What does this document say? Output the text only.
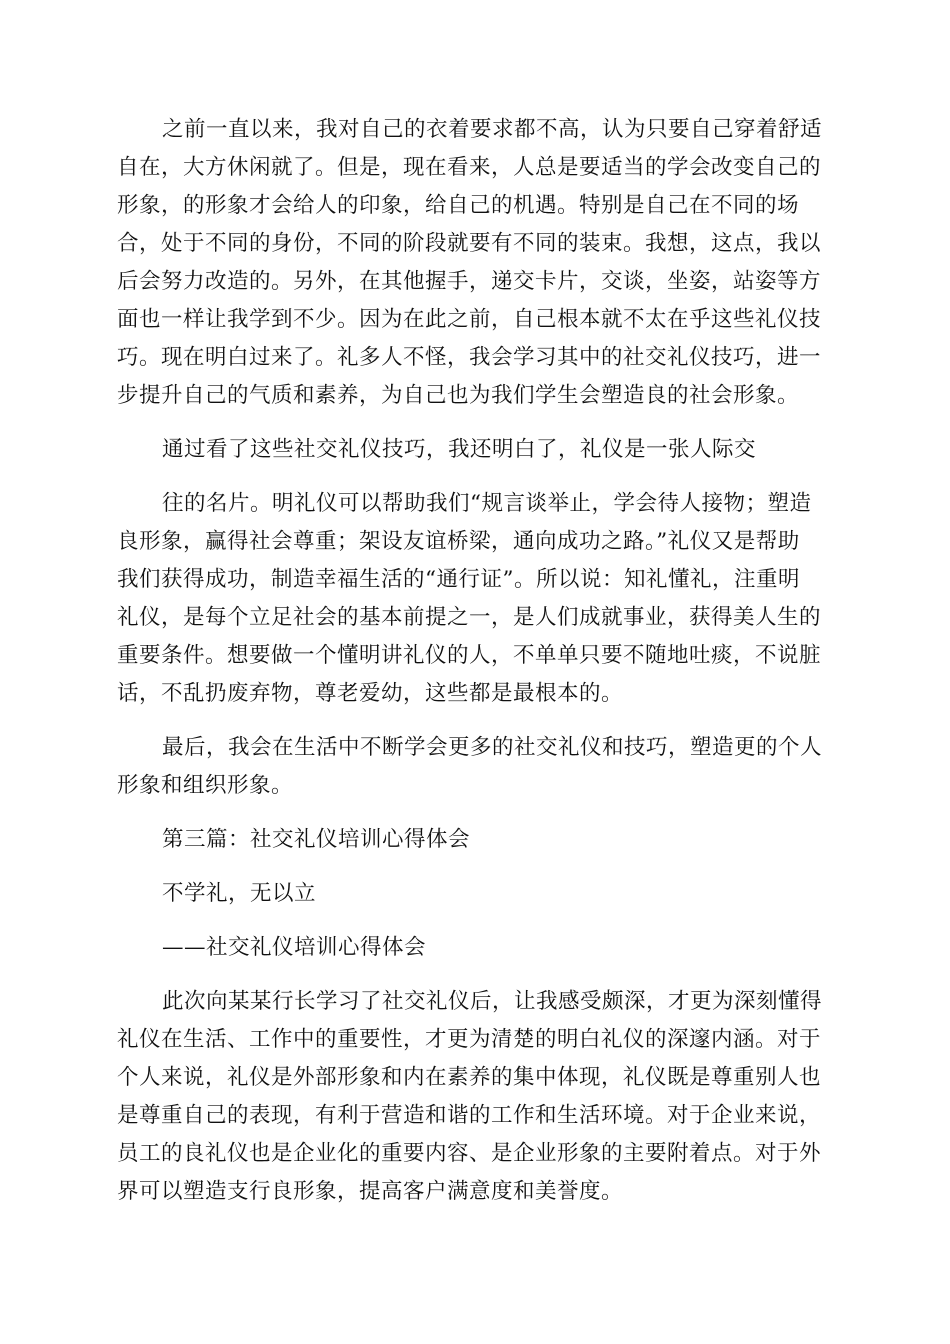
之前一直以来，我对自己的衣着要求都不高，认为只要自己穿着舒适
自在，大方休闲就了。但是，现在看来，人总是要适当的学会改变自己的
形象，的形象才会给人的印象，给自己的机遇。特别是自己在不同的场
合，处于不同的身份，不同的阶段就要有不同的装束。我想，这点，我以
后会努力改造的。另外，在其他握手，递交卡片，交谈，坐姿，站姿等方
面也一样让我学到不少。因为在此之前，自己根本就不太在乎这些礼仪技
巧。现在明白过来了。礼多人不怪，我会学习其中的社交礼仪技巧，进一
步提升自己的气质和素养，为自己也为我们学生会塑造良的社会形象。
通过看了这些社交礼仪技巧，我还明白了，礼仪是一张人际交
往的名片。明礼仪可以帮助我们“规言谈举止，学会待人接物；塑造
良形象，赢得社会尊重；架设友谊桥梁，通向成功之路。”礼仪又是帮助
我们获得成功，制造幸福生活的“通行证”。所以说：知礼懂礼，注重明
礼仪，是每个立足社会的基本前提之一，是人们成就事业，获得美人生的
重要条件。想要做一个懂明讲礼仪的人，不单单只要不随地吐痰，不说脏
话，不乱扔废弃物，尊老爱幼，这些都是最根本的。
最后，我会在生活中不断学会更多的社交礼仪和技巧，塑造更的个人
形象和组织形象。
第三篇：社交礼仪培训心得体会
不学礼，无以立
——社交礼仪培训心得体会
此次向某某行长学习了社交礼仪后，让我感受颇深，才更为深刻懂得
礼仪在生活、工作中的重要性，才更为清楚的明白礼仪的深邃内涵。对于
个人来说，礼仪是外部形象和内在素养的集中体现，礼仪既是尊重别人也
是尊重自己的表现，有利于营造和谐的工作和生活环境。对于企业来说，
员工的良礼仪也是企业化的重要内容、是企业形象的主要附着点。对于外
界可以塑造支行良形象，提高客户满意度和美誉度。
